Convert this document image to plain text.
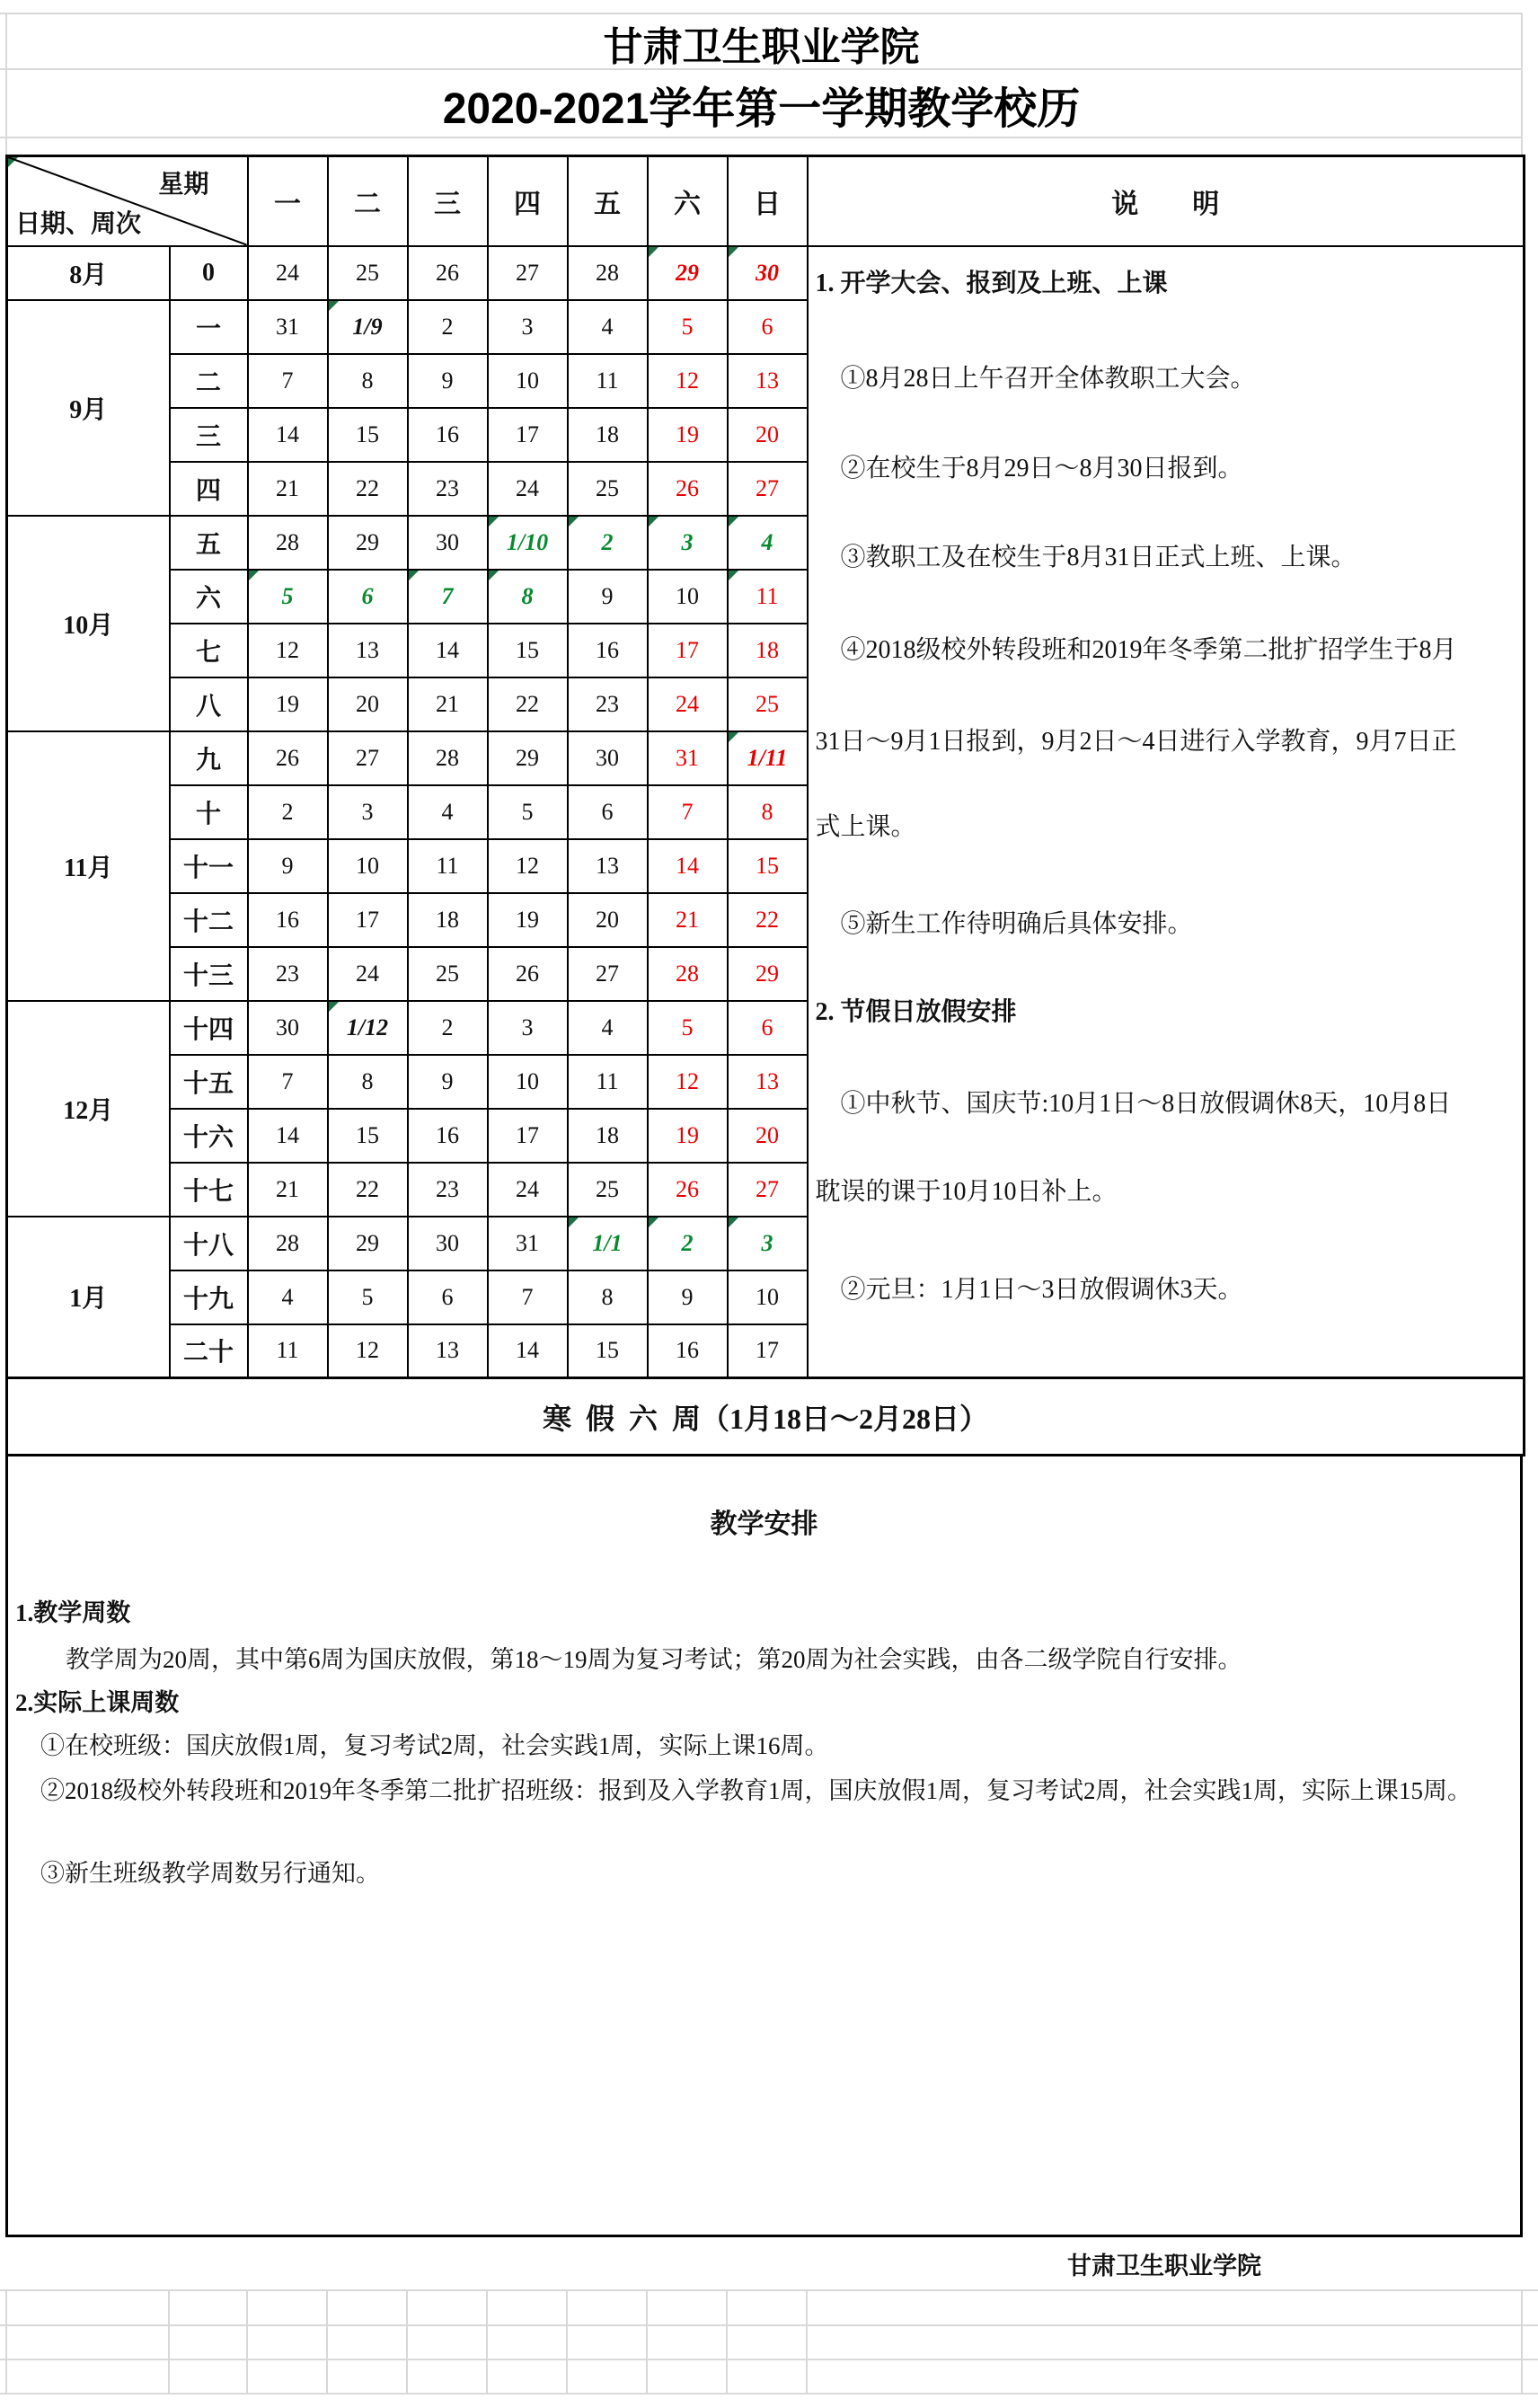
甘肃卫生职业学院
2020-2021学年第一学期教学校历
星期
日期、周次		一	二	三	四	五	六	日	说        明
8月	0	24	25	26	27	28	29	30	1. 开学大会、报到及上班、上课
①8月28日上午召开全体教职工大会。
②在校生于8月29日～8月30日报到。
③教职工及在校生于8月31日正式上班、上课。
④2018级校外转段班和2019年冬季第二批扩招学生于8月
31日～9月1日报到，9月2日～4日进行入学教育，9月7日正
式上课。
⑤新生工作待明确后具体安排。
2. 节假日放假安排
①中秋节、国庆节:10月1日～8日放假调休8天，10月8日
耽误的课于10月10日补上。
②元旦：1月1日～3日放假调休3天。

9月	一	31	1/9	2	3	4	5	6	
	二	7	8	9	10	11	12	13	
	三	14	15	16	17	18	19	20	
	四	21	22	23	24	25	26	27	
10月	五	28	29	30	1/10	2	3	4	
	六	5	6	7	8	9	10	11	
	七	12	13	14	15	16	17	18	
	八	19	20	21	22	23	24	25	
11月	九	26	27	28	29	30	31	1/11	
	十	2	3	4	5	6	7	8	
	十一	9	10	11	12	13	14	15	
	十二	16	17	18	19	20	21	22	
	十三	23	24	25	26	27	28	29	
12月	十四	30	1/12	2	3	4	5	6	
	十五	7	8	9	10	11	12	13	
	十六	14	15	16	17	18	19	20	
	十七	21	22	23	24	25	26	27	
1月	十八	28	29	30	31	1/1	2	3	
	十九	4	5	6	7	8	9	10	
	二十	11	12	13	14	15	16	17	
寒  假  六  周（1月18日～2月28日）									
教学安排
1.教学周数
教学周为20周，其中第6周为国庆放假，第18～19周为复习考试；第20周为社会实践，由各二级学院自行安排。
2.实际上课周数
①在校班级：国庆放假1周，复习考试2周，社会实践1周，实际上课16周。
②2018级校外转段班和2019年冬季第二批扩招班级：报到及入学教育1周，国庆放假1周，复习考试2周，社会实践1周，实际上课15周。
③新生班级教学周数另行通知。
甘肃卫生职业学院
